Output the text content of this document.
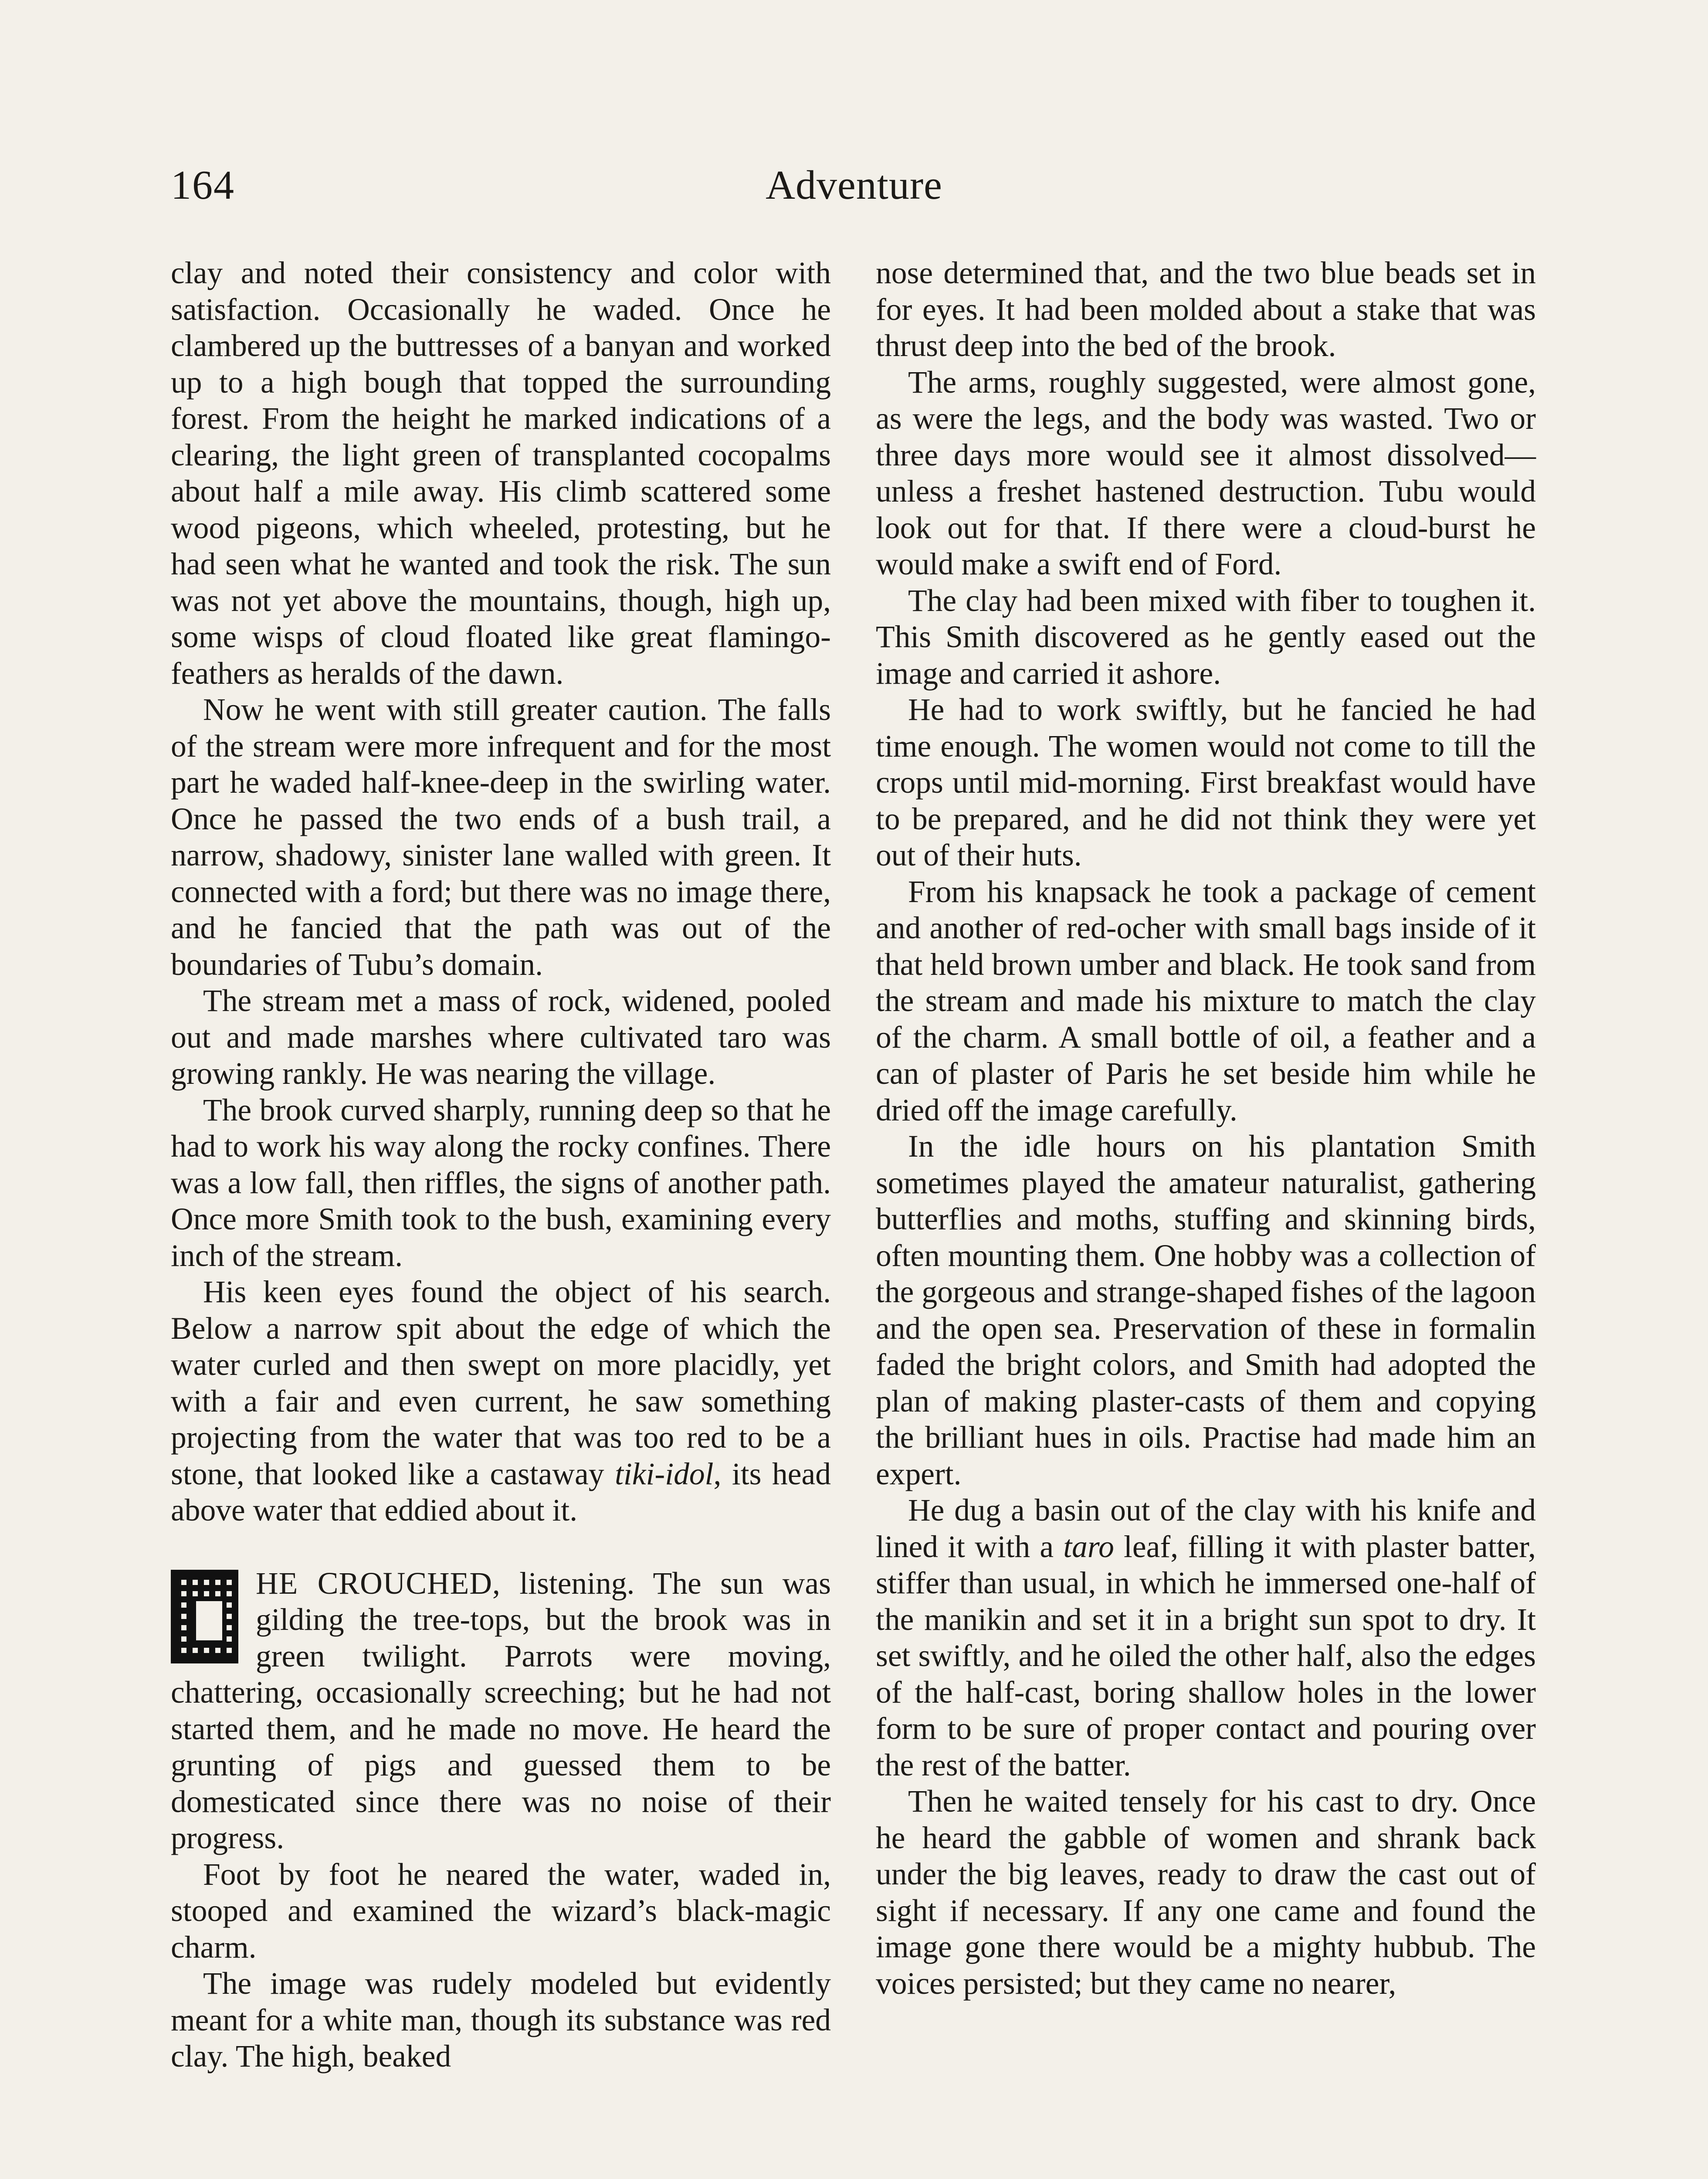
164	Adventure

clay and noted their consistency and color with satisfaction. Occasionally he waded. Once he clambered up the buttresses of a banyan and worked up to a high bough that topped the surrounding forest. From the height he marked indications of a clearing, the light green of transplanted cocopalms about half a mile away. His climb scattered some wood pigeons, which wheeled, protesting, but he had seen what he wanted and took the risk. The sun was not yet above the mountains, though, high up, some wisps of cloud floated like great flamingo-feathers as heralds of the dawn.

Now he went with still greater caution. The falls of the stream were more infrequent and for the most part he waded half-knee-deep in the swirling water. Once he passed the two ends of a bush trail, a narrow, shadowy, sinister lane walled with green. It connected with a ford; but there was no image there, and he fancied that the path was out of the boundaries of Tubu’s domain.

The stream met a mass of rock, widened, pooled out and made marshes where cultivated taro was growing rankly. He was nearing the village.

The brook curved sharply, running deep so that he had to work his way along the rocky confines. There was a low fall, then riffles, the signs of another path. Once more Smith took to the bush, examining every inch of the stream.

His keen eyes found the object of his search. Below a narrow spit about the edge of which the water curled and then swept on more placidly, yet with a fair and even current, he saw something projecting from the water that was too red to be a stone, that looked like a castaway tiki-idol, its head above water that eddied about it.

HE CROUCHED, listening. The sun was gilding the tree-tops, but the brook was in green twilight. Parrots were moving, chattering, occasionally screeching; but he had not started them, and he made no move. He heard the grunting of pigs and guessed them to be domesticated since there was no noise of their progress.

Foot by foot he neared the water, waded in, stooped and examined the wizard’s black-magic charm.

The image was rudely modeled but evidently meant for a white man, though its substance was red clay. The high, beaked

nose determined that, and the two blue beads set in for eyes. It had been molded about a stake that was thrust deep into the bed of the brook.

The arms, roughly suggested, were almost gone, as were the legs, and the body was wasted. Two or three days more would see it almost dissolved—unless a freshet hastened destruction. Tubu would look out for that. If there were a cloud-burst he would make a swift end of Ford.

The clay had been mixed with fiber to toughen it. This Smith discovered as he gently eased out the image and carried it ashore.

He had to work swiftly, but he fancied he had time enough. The women would not come to till the crops until mid-morning. First breakfast would have to be prepared, and he did not think they were yet out of their huts.

From his knapsack he took a package of cement and another of red-ocher with small bags inside of it that held brown umber and black. He took sand from the stream and made his mixture to match the clay of the charm. A small bottle of oil, a feather and a can of plaster of Paris he set beside him while he dried off the image carefully.

In the idle hours on his plantation Smith sometimes played the amateur naturalist, gathering butterflies and moths, stuffing and skinning birds, often mounting them. One hobby was a collection of the gorgeous and strange-shaped fishes of the lagoon and the open sea. Preservation of these in formalin faded the bright colors, and Smith had adopted the plan of making plaster-casts of them and copying the brilliant hues in oils. Practise had made him an expert.

He dug a basin out of the clay with his knife and lined it with a taro leaf, filling it with plaster batter, stiffer than usual, in which he immersed one-half of the manikin and set it in a bright sun spot to dry. It set swiftly, and he oiled the other half, also the edges of the half-cast, boring shallow holes in the lower form to be sure of proper contact and pouring over the rest of the batter.

Then he waited tensely for his cast to dry. Once he heard the gabble of women and shrank back under the big leaves, ready to draw the cast out of sight if necessary. If any one came and found the image gone there would be a mighty hubbub. The voices persisted; but they came no nearer,
